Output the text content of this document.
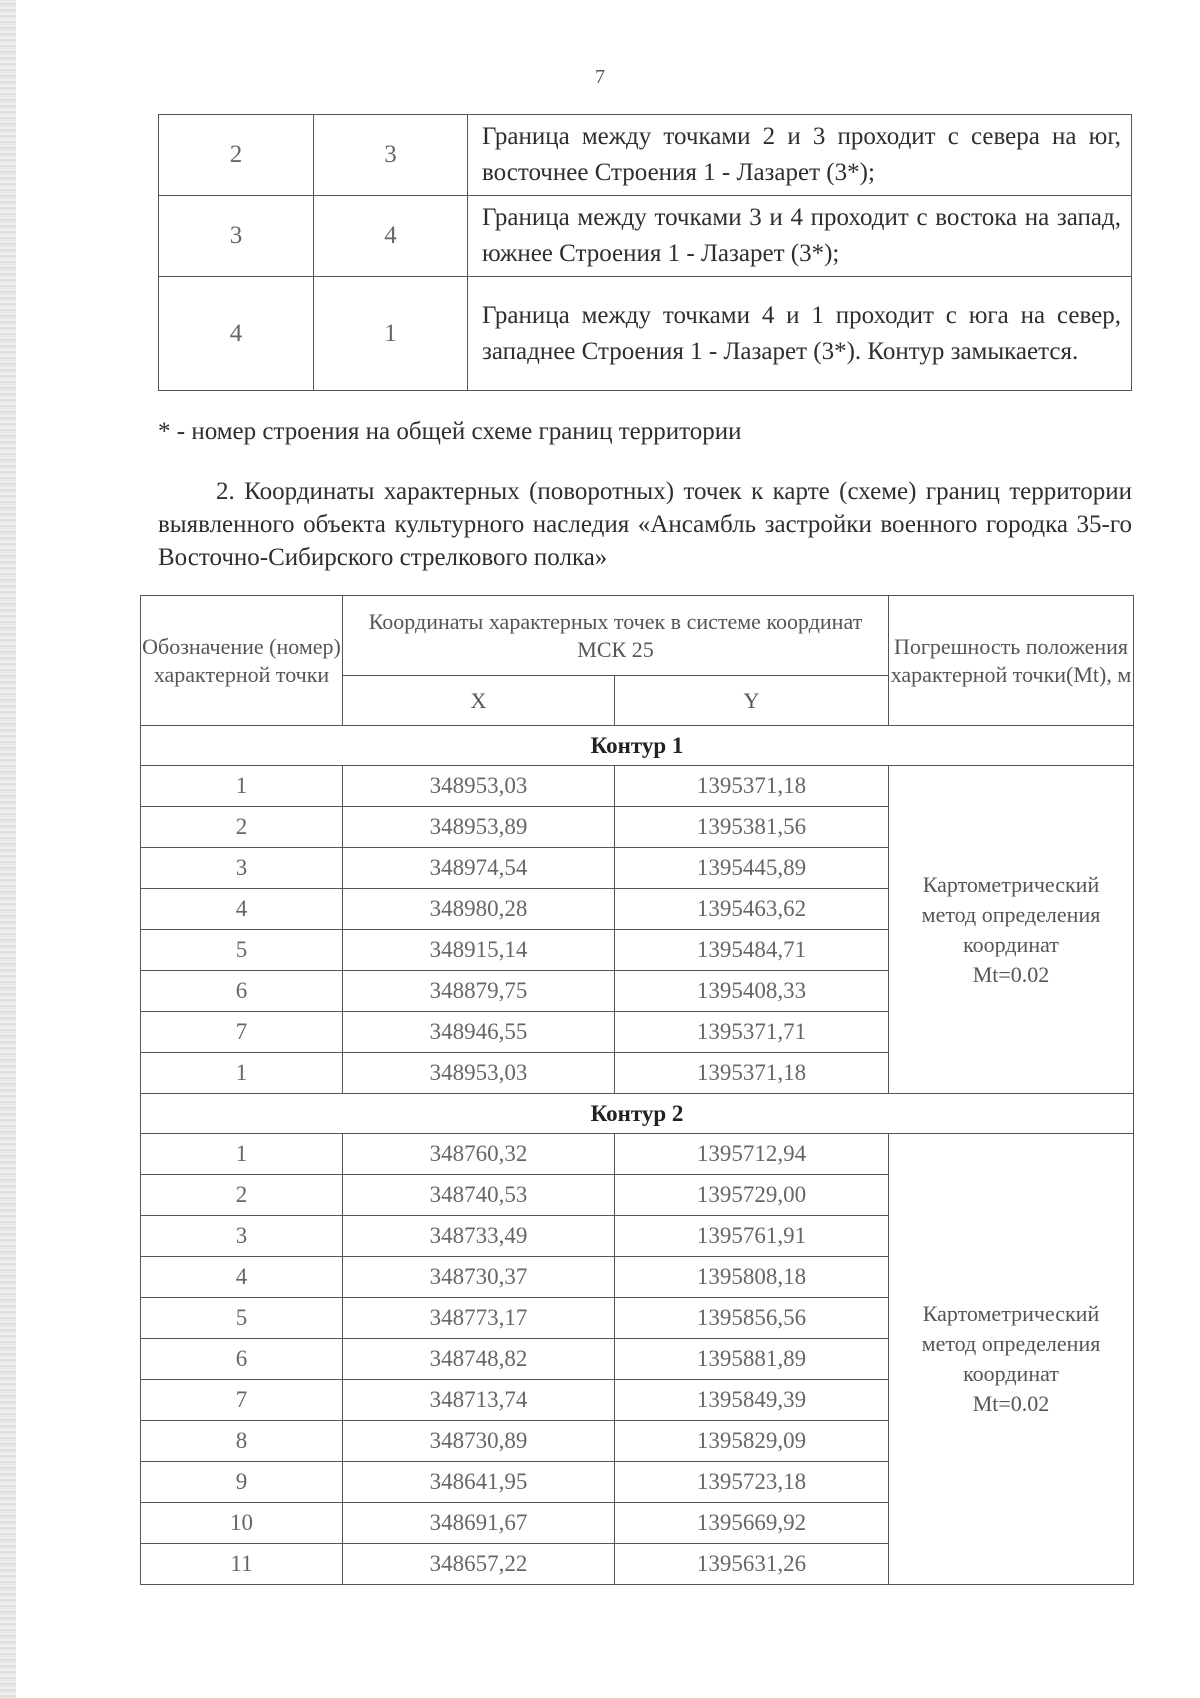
7
2	3	Граница между точками 2 и 3 проходит с севера на юг, восточнее Строения 1 - Лазарет (3*);
3	4	Граница между точками 3 и 4 проходит с востока на запад, южнее Строения 1 - Лазарет (3*);
4	1	Граница между точками 4 и 1 проходит с юга на север, западнее Строения 1 - Лазарет (3*). Контур замыкается.
* - номер строения на общей схеме границ территории
2. Координаты характерных (поворотных) точек к карте (схеме) границ территории выявленного объекта культурного наследия «Ансамбль застройки военного городка 35-го Восточно-Сибирского стрелкового полка»
Обозначение (номер) характерной точки	Координаты характерных точек в системе координат МСК 25		Погрешность положения характерной точки(Mt), м
	X	Y	
Контур 1			
1	348953,03	1395371,18	Картометрический
метод определения
координат
Mt=0.02

2	348953,89	1395381,56	
3	348974,54	1395445,89	
4	348980,28	1395463,62	
5	348915,14	1395484,71	
6	348879,75	1395408,33	
7	348946,55	1395371,71	
1	348953,03	1395371,18	
Контур 2			
1	348760,32	1395712,94	Картометрический
метод определения
координат
Mt=0.02

2	348740,53	1395729,00	
3	348733,49	1395761,91	
4	348730,37	1395808,18	
5	348773,17	1395856,56	
6	348748,82	1395881,89	
7	348713,74	1395849,39	
8	348730,89	1395829,09	
9	348641,95	1395723,18	
10	348691,67	1395669,92	
11	348657,22	1395631,26	
